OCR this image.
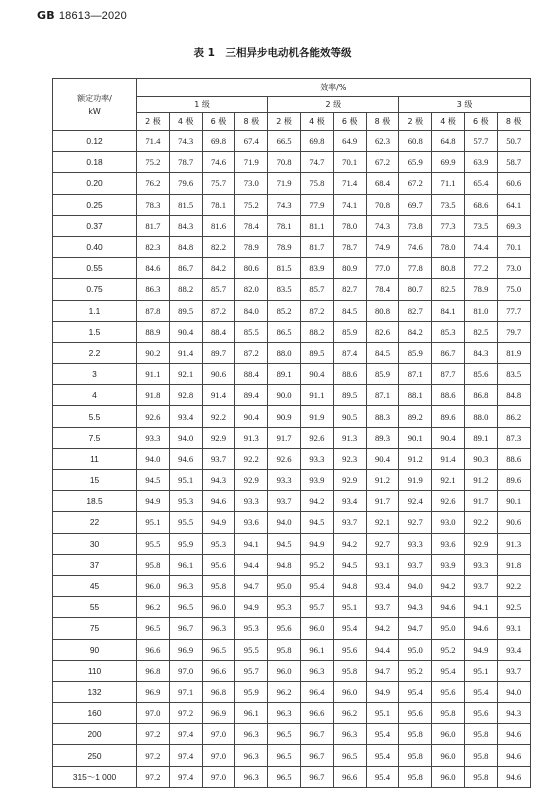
GB 18613—2020
表 1　三相异步电动机各能效等级
额定功率/
kW	效率/%											
	1 级				2 级				3 级			
	2 极	4 极	6 极	8 极	2 极	4 极	6 极	8 极	2 极	4 极	6 极	8 极
0.12	71.4	74.3	69.8	67.4	66.5	69.8	64.9	62.3	60.8	64.8	57.7	50.7
0.18	75.2	78.7	74.6	71.9	70.8	74.7	70.1	67.2	65.9	69.9	63.9	58.7
0.20	76.2	79.6	75.7	73.0	71.9	75.8	71.4	68.4	67.2	71.1	65.4	60.6
0.25	78.3	81.5	78.1	75.2	74.3	77.9	74.1	70.8	69.7	73.5	68.6	64.1
0.37	81.7	84.3	81.6	78.4	78.1	81.1	78.0	74.3	73.8	77.3	73.5	69.3
0.40	82.3	84.8	82.2	78.9	78.9	81.7	78.7	74.9	74.6	78.0	74.4	70.1
0.55	84.6	86.7	84.2	80.6	81.5	83.9	80.9	77.0	77.8	80.8	77.2	73.0
0.75	86.3	88.2	85.7	82.0	83.5	85.7	82.7	78.4	80.7	82.5	78.9	75.0
1.1	87.8	89.5	87.2	84.0	85.2	87.2	84.5	80.8	82.7	84.1	81.0	77.7
1.5	88.9	90.4	88.4	85.5	86.5	88.2	85.9	82.6	84.2	85.3	82.5	79.7
2.2	90.2	91.4	89.7	87.2	88.0	89.5	87.4	84.5	85.9	86.7	84.3	81.9
3	91.1	92.1	90.6	88.4	89.1	90.4	88.6	85.9	87.1	87.7	85.6	83.5
4	91.8	92.8	91.4	89.4	90.0	91.1	89.5	87.1	88.1	88.6	86.8	84.8
5.5	92.6	93.4	92.2	90.4	90.9	91.9	90.5	88.3	89.2	89.6	88.0	86.2
7.5	93.3	94.0	92.9	91.3	91.7	92.6	91.3	89.3	90.1	90.4	89.1	87.3
11	94.0	94.6	93.7	92.2	92.6	93.3	92.3	90.4	91.2	91.4	90.3	88.6
15	94.5	95.1	94.3	92.9	93.3	93.9	92.9	91.2	91.9	92.1	91.2	89.6
18.5	94.9	95.3	94.6	93.3	93.7	94.2	93.4	91.7	92.4	92.6	91.7	90.1
22	95.1	95.5	94.9	93.6	94.0	94.5	93.7	92.1	92.7	93.0	92.2	90.6
30	95.5	95.9	95.3	94.1	94.5	94.9	94.2	92.7	93.3	93.6	92.9	91.3
37	95.8	96.1	95.6	94.4	94.8	95.2	94.5	93.1	93.7	93.9	93.3	91.8
45	96.0	96.3	95.8	94.7	95.0	95.4	94.8	93.4	94.0	94.2	93.7	92.2
55	96.2	96.5	96.0	94.9	95.3	95.7	95.1	93.7	94.3	94.6	94.1	92.5
75	96.5	96.7	96.3	95.3	95.6	96.0	95.4	94.2	94.7	95.0	94.6	93.1
90	96.6	96.9	96.5	95.5	95.8	96.1	95.6	94.4	95.0	95.2	94.9	93.4
110	96.8	97.0	96.6	95.7	96.0	96.3	95.8	94.7	95.2	95.4	95.1	93.7
132	96.9	97.1	96.8	95.9	96.2	96.4	96.0	94.9	95.4	95.6	95.4	94.0
160	97.0	97.2	96.9	96.1	96.3	96.6	96.2	95.1	95.6	95.8	95.6	94.3
200	97.2	97.4	97.0	96.3	96.5	96.7	96.3	95.4	95.8	96.0	95.8	94.6
250	97.2	97.4	97.0	96.3	96.5	96.7	96.5	95.4	95.8	96.0	95.8	94.6
315～1 000	97.2	97.4	97.0	96.3	96.5	96.7	96.6	95.4	95.8	96.0	95.8	94.6
